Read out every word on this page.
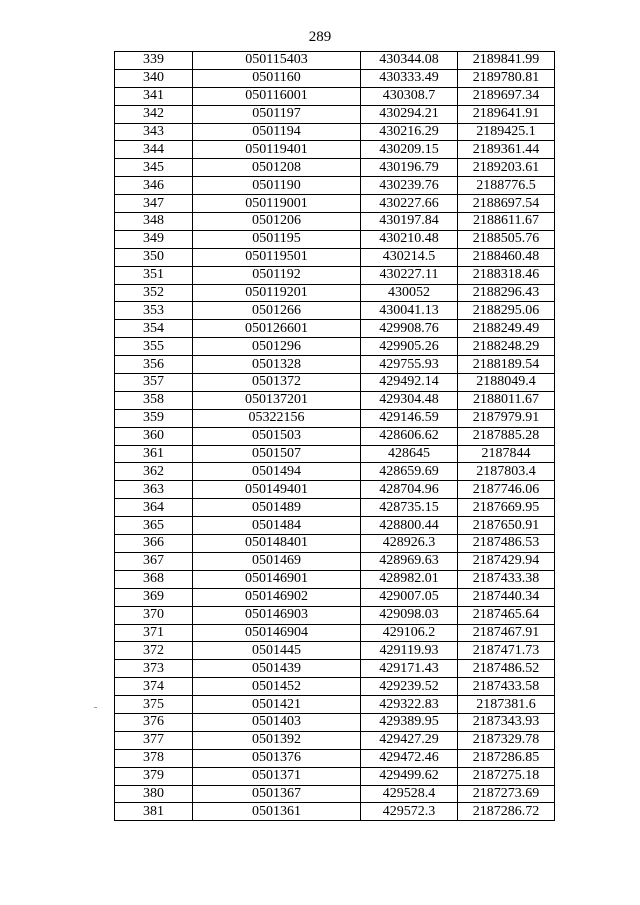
289
339	050115403	430344.08	2189841.99
340	0501160	430333.49	2189780.81
341	050116001	430308.7	2189697.34
342	0501197	430294.21	2189641.91
343	0501194	430216.29	2189425.1
344	050119401	430209.15	2189361.44
345	0501208	430196.79	2189203.61
346	0501190	430239.76	2188776.5
347	050119001	430227.66	2188697.54
348	0501206	430197.84	2188611.67
349	0501195	430210.48	2188505.76
350	050119501	430214.5	2188460.48
351	0501192	430227.11	2188318.46
352	050119201	430052	2188296.43
353	0501266	430041.13	2188295.06
354	050126601	429908.76	2188249.49
355	0501296	429905.26	2188248.29
356	0501328	429755.93	2188189.54
357	0501372	429492.14	2188049.4
358	050137201	429304.48	2188011.67
359	05322156	429146.59	2187979.91
360	0501503	428606.62	2187885.28
361	0501507	428645	2187844
362	0501494	428659.69	2187803.4
363	050149401	428704.96	2187746.06
364	0501489	428735.15	2187669.95
365	0501484	428800.44	2187650.91
366	050148401	428926.3	2187486.53
367	0501469	428969.63	2187429.94
368	050146901	428982.01	2187433.38
369	050146902	429007.05	2187440.34
370	050146903	429098.03	2187465.64
371	050146904	429106.2	2187467.91
372	0501445	429119.93	2187471.73
373	0501439	429171.43	2187486.52
374	0501452	429239.52	2187433.58
375	0501421	429322.83	2187381.6
376	0501403	429389.95	2187343.93
377	0501392	429427.29	2187329.78
378	0501376	429472.46	2187286.85
379	0501371	429499.62	2187275.18
380	0501367	429528.4	2187273.69
381	0501361	429572.3	2187286.72
